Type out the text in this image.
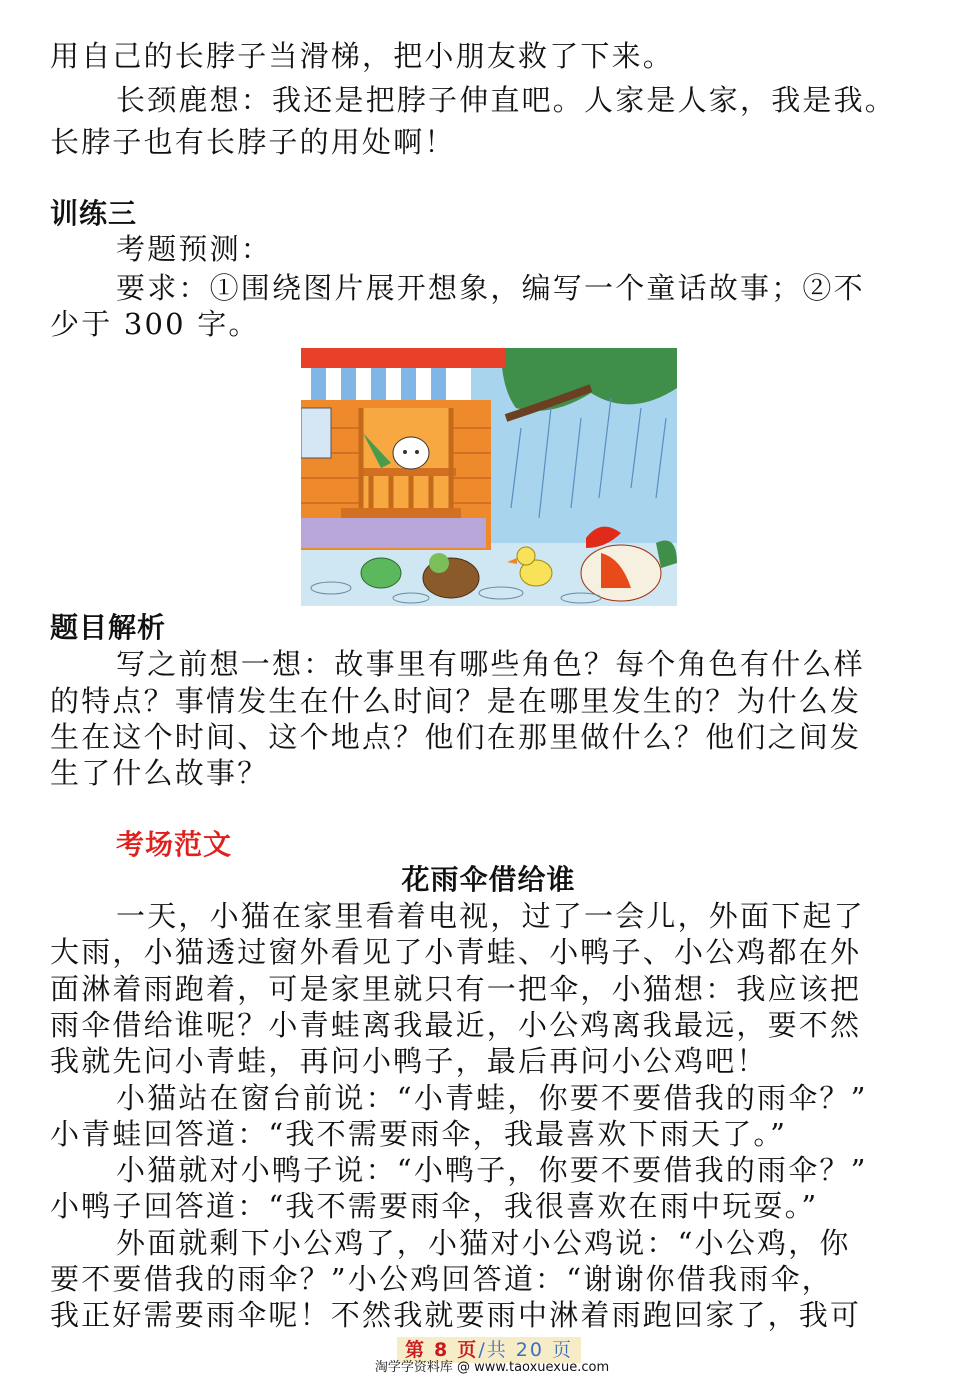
用自己的长脖子当滑梯，把小朋友救了下来。
长颈鹿想：我还是把脖子伸直吧。人家是人家，我是我。
长脖子也有长脖子的用处啊！
训练三
考题预测：
要求：①围绕图片展开想象，编写一个童话故事；②不
少于 300 字。
题目解析
写之前想一想：故事里有哪些角色？每个角色有什么样
的特点？事情发生在什么时间？是在哪里发生的？为什么发
生在这个时间、这个地点？他们在那里做什么？他们之间发
生了什么故事？
考场范文
花雨伞借给谁
一天，小猫在家里看着电视，过了一会儿，外面下起了
大雨，小猫透过窗外看见了小青蛙、小鸭子、小公鸡都在外
面淋着雨跑着，可是家里就只有一把伞，小猫想：我应该把
雨伞借给谁呢？小青蛙离我最近，小公鸡离我最远，要不然
我就先问小青蛙，再问小鸭子，最后再问小公鸡吧！
小猫站在窗台前说：“小青蛙，你要不要借我的雨伞？”
小青蛙回答道：“我不需要雨伞，我最喜欢下雨天了。”
小猫就对小鸭子说：“小鸭子，你要不要借我的雨伞？”
小鸭子回答道：“我不需要雨伞，我很喜欢在雨中玩耍。”
外面就剩下小公鸡了，小猫对小公鸡说：“小公鸡，你
要不要借我的雨伞？”小公鸡回答道：“谢谢你借我雨伞，
我正好需要雨伞呢！不然我就要雨中淋着雨跑回家了，我可
第 8 页/共 20 页
淘学学资料库 @ www.taoxuexue.com
